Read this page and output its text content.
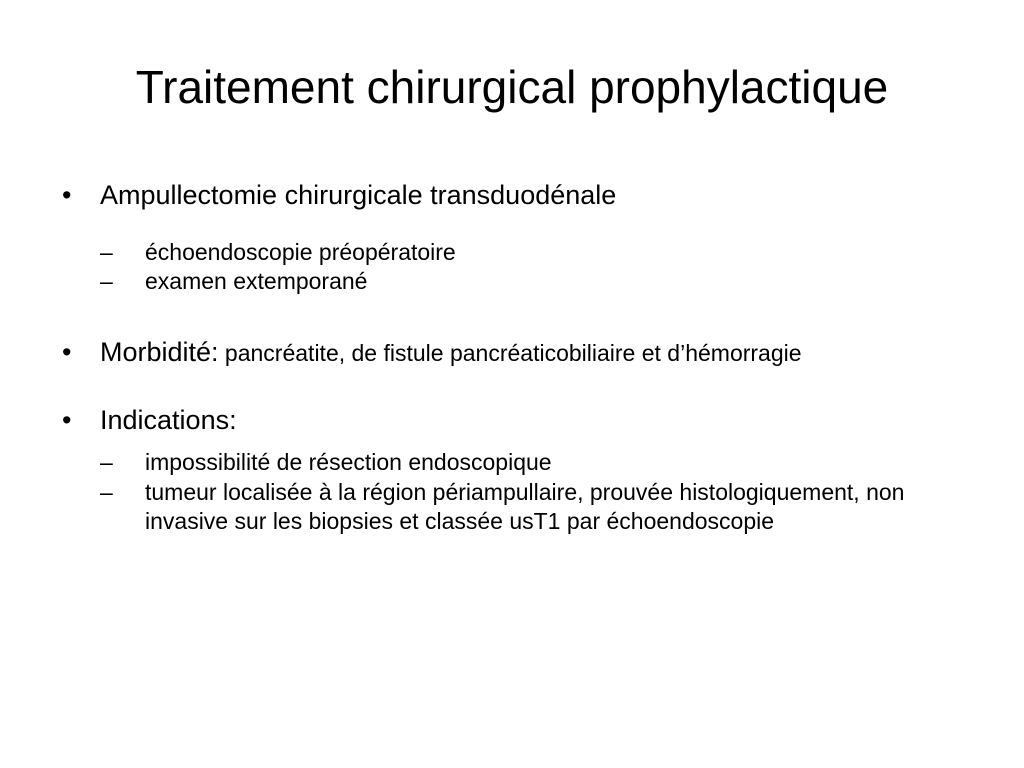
Traitement chirurgical prophylactique
• Ampullectomie chirurgicale transduodénale
– échoendoscopie préopératoire
– examen extemporané
• Morbidité: pancréatite, de fistule pancréaticobiliaire et d’hémorragie
• Indications:
– impossibilité de résection endoscopique
– tumeur localisée à la région périampullaire, prouvée histologiquement, non invasive sur les biopsies et classée usT1 par échoendoscopie
